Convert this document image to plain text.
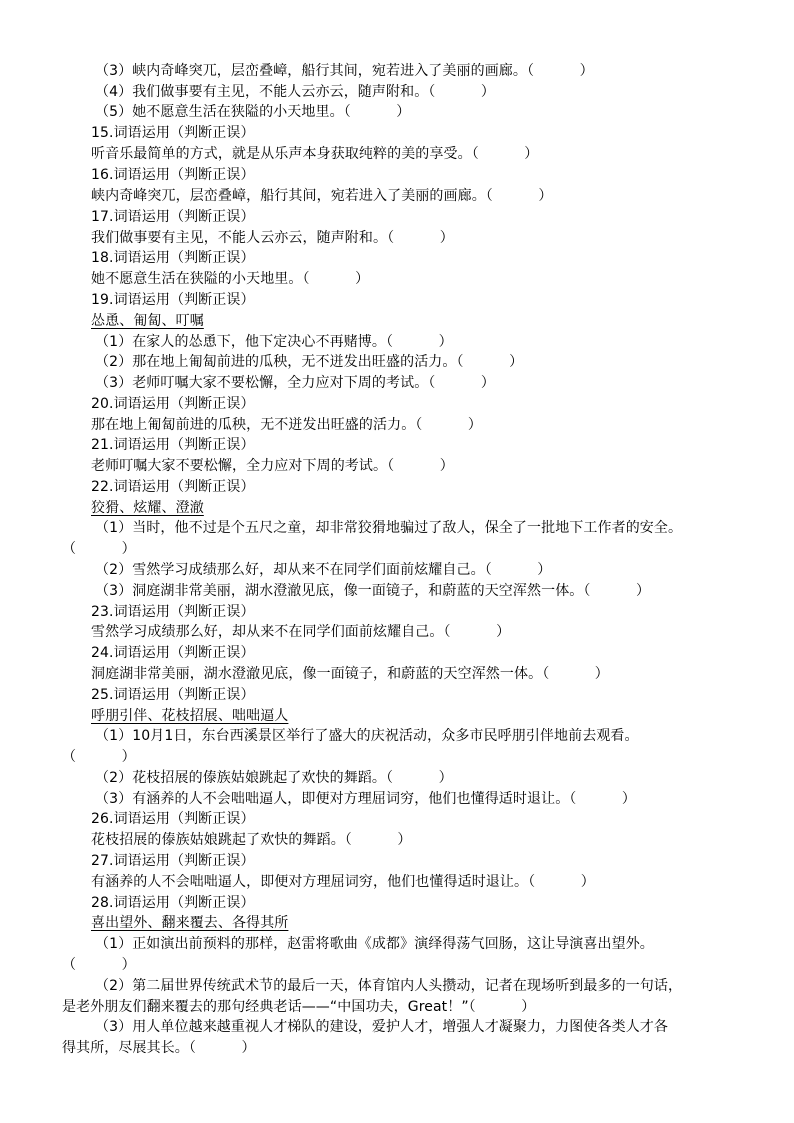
（3）峡内奇峰突兀，层峦叠嶂，船行其间，宛若进入了美丽的画廊。（          ）
（4）我们做事要有主见，不能人云亦云，随声附和。（          ）
（5）她不愿意生活在狭隘的小天地里。（          ）
15.词语运用（判断正误）
听音乐最简单的方式，就是从乐声本身获取纯粹的美的享受。（          ）
16.词语运用（判断正误）
峡内奇峰突兀，层峦叠嶂，船行其间，宛若进入了美丽的画廊。（          ）
17.词语运用（判断正误）
我们做事要有主见，不能人云亦云，随声附和。（          ）
18.词语运用（判断正误）
她不愿意生活在狭隘的小天地里。（          ）
19.词语运用（判断正误）
怂恿、匍匐、叮嘱
（1）在家人的怂恿下，他下定决心不再赌博。（          ）
（2）那在地上匍匐前进的瓜秧，无不迸发出旺盛的活力。（          ）
（3）老师叮嘱大家不要松懈，全力应对下周的考试。（          ）
20.词语运用（判断正误）
那在地上匍匐前进的瓜秧，无不迸发出旺盛的活力。（          ）
21.词语运用（判断正误）
老师叮嘱大家不要松懈，全力应对下周的考试。（          ）
22.词语运用（判断正误）
狡猾、炫耀、澄澈
（1）当时，他不过是个五尺之童，却非常狡猾地骗过了敌人，保全了一批地下工作者的安全。
（          ）
（2）雪然学习成绩那么好，却从来不在同学们面前炫耀自己。（          ）
（3）洞庭湖非常美丽，湖水澄澈见底，像一面镜子，和蔚蓝的天空浑然一体。（          ）
23.词语运用（判断正误）
雪然学习成绩那么好，却从来不在同学们面前炫耀自己。（          ）
24.词语运用（判断正误）
洞庭湖非常美丽，湖水澄澈见底，像一面镜子，和蔚蓝的天空浑然一体。（          ）
25.词语运用（判断正误）
呼朋引伴、花枝招展、咄咄逼人
（1）10月1日，东台西溪景区举行了盛大的庆祝活动，众多市民呼朋引伴地前去观看。
（          ）
（2）花枝招展的傣族姑娘跳起了欢快的舞蹈。（          ）
（3）有涵养的人不会咄咄逼人，即便对方理屈词穷，他们也懂得适时退让。（          ）
26.词语运用（判断正误）
花枝招展的傣族姑娘跳起了欢快的舞蹈。（          ）
27.词语运用（判断正误）
有涵养的人不会咄咄逼人，即便对方理屈词穷，他们也懂得适时退让。（          ）
28.词语运用（判断正误）
喜出望外、翻来覆去、各得其所
（1）正如演出前预料的那样，赵雷将歌曲《成都》演绎得荡气回肠，这让导演喜出望外。
（          ）
（2）第二届世界传统武术节的最后一天，体育馆内人头攒动，记者在现场听到最多的一句话，
是老外朋友们翻来覆去的那句经典老话——“中国功夫，Great！”（          ）
（3）用人单位越来越重视人才梯队的建设，爱护人才，增强人才凝聚力，力图使各类人才各
得其所，尽展其长。（          ）
